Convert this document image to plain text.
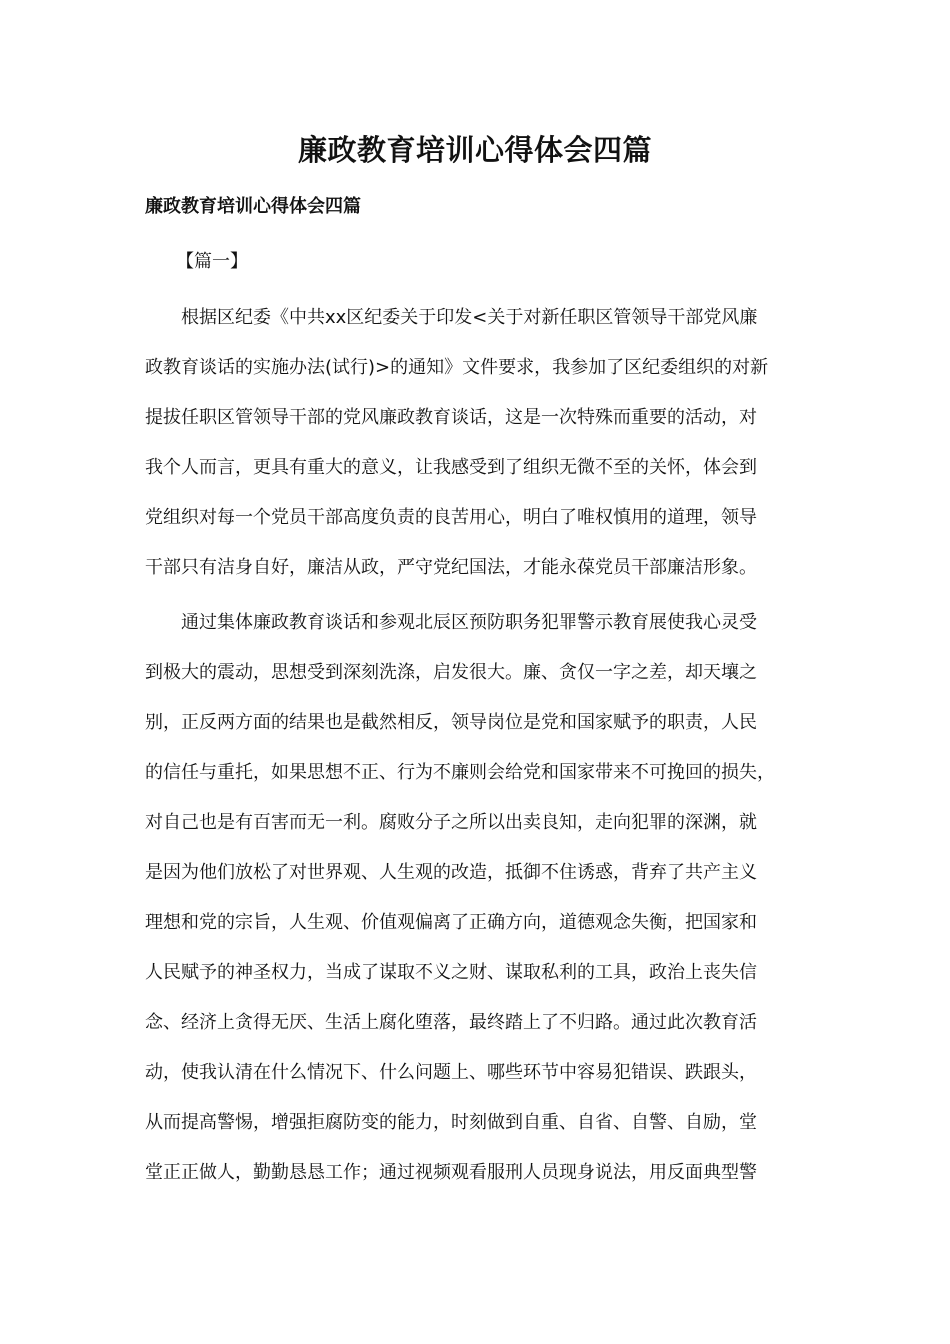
廉政教育培训心得体会四篇
廉政教育培训心得体会四篇
【篇一】
　　根据区纪委《中共xx区纪委关于印发<关于对新任职区管领导干部党风廉
政教育谈话的实施办法(试行)>的通知》文件要求，我参加了区纪委组织的对新
提拔任职区管领导干部的党风廉政教育谈话，这是一次特殊而重要的活动，对
我个人而言，更具有重大的意义，让我感受到了组织无微不至的关怀，体会到
党组织对每一个党员干部高度负责的良苦用心，明白了唯权慎用的道理，领导
干部只有洁身自好，廉洁从政，严守党纪国法，才能永葆党员干部廉洁形象。
　　通过集体廉政教育谈话和参观北辰区预防职务犯罪警示教育展使我心灵受
到极大的震动，思想受到深刻洗涤，启发很大。廉、贪仅一字之差，却天壤之
别，正反两方面的结果也是截然相反，领导岗位是党和国家赋予的职责，人民
的信任与重托，如果思想不正、行为不廉则会给党和国家带来不可挽回的损失，
对自己也是有百害而无一利。腐败分子之所以出卖良知，走向犯罪的深渊，就
是因为他们放松了对世界观、人生观的改造，抵御不住诱惑，背弃了共产主义
理想和党的宗旨，人生观、价值观偏离了正确方向，道德观念失衡，把国家和
人民赋予的神圣权力，当成了谋取不义之财、谋取私利的工具，政治上丧失信
念、经济上贪得无厌、生活上腐化堕落，最终踏上了不归路。通过此次教育活
动，使我认清在什么情况下、什么问题上、哪些环节中容易犯错误、跌跟头，
从而提高警惕，增强拒腐防变的能力，时刻做到自重、自省、自警、自励，堂
堂正正做人，勤勤恳恳工作；通过视频观看服刑人员现身说法，用反面典型警
